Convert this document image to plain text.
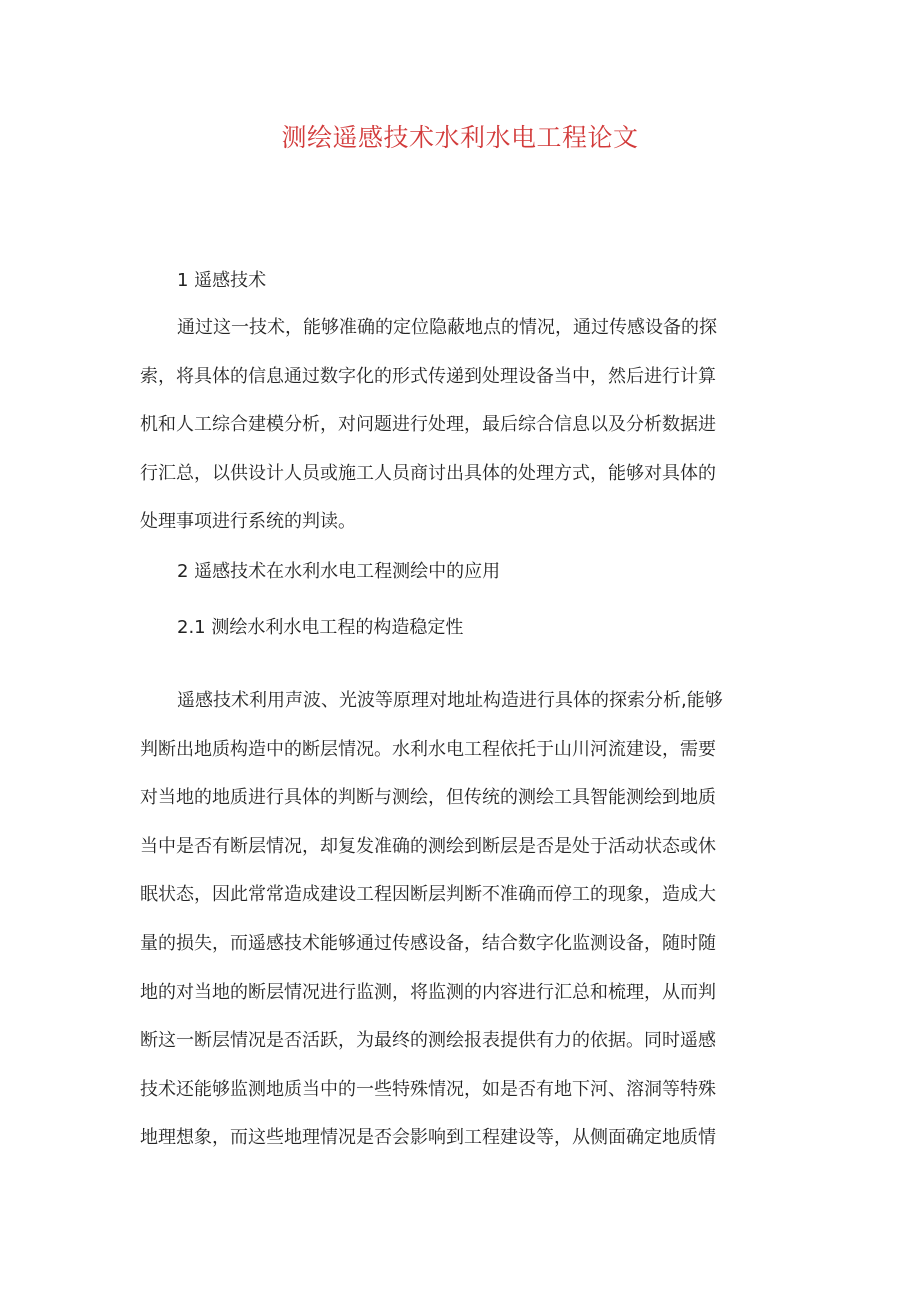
测绘遥感技术水利水电工程论文
1 遥感技术
通过这一技术，能够准确的定位隐蔽地点的情况，通过传感设备的探
索，将具体的信息通过数字化的形式传递到处理设备当中，然后进行计算
机和人工综合建模分析，对问题进行处理，最后综合信息以及分析数据进
行汇总，以供设计人员或施工人员商讨出具体的处理方式，能够对具体的
处理事项进行系统的判读。
2 遥感技术在水利水电工程测绘中的应用
2.1 测绘水利水电工程的构造稳定性
遥感技术利用声波、光波等原理对地址构造进行具体的探索分析,能够
判断出地质构造中的断层情况。水利水电工程依托于山川河流建设，需要
对当地的地质进行具体的判断与测绘，但传统的测绘工具智能测绘到地质
当中是否有断层情况，却复发准确的测绘到断层是否是处于活动状态或休
眠状态，因此常常造成建设工程因断层判断不准确而停工的现象，造成大
量的损失，而遥感技术能够通过传感设备，结合数字化监测设备，随时随
地的对当地的断层情况进行监测，将监测的内容进行汇总和梳理，从而判
断这一断层情况是否活跃，为最终的测绘报表提供有力的依据。同时遥感
技术还能够监测地质当中的一些特殊情况，如是否有地下河、溶洞等特殊
地理想象，而这些地理情况是否会影响到工程建设等，从侧面确定地质情
